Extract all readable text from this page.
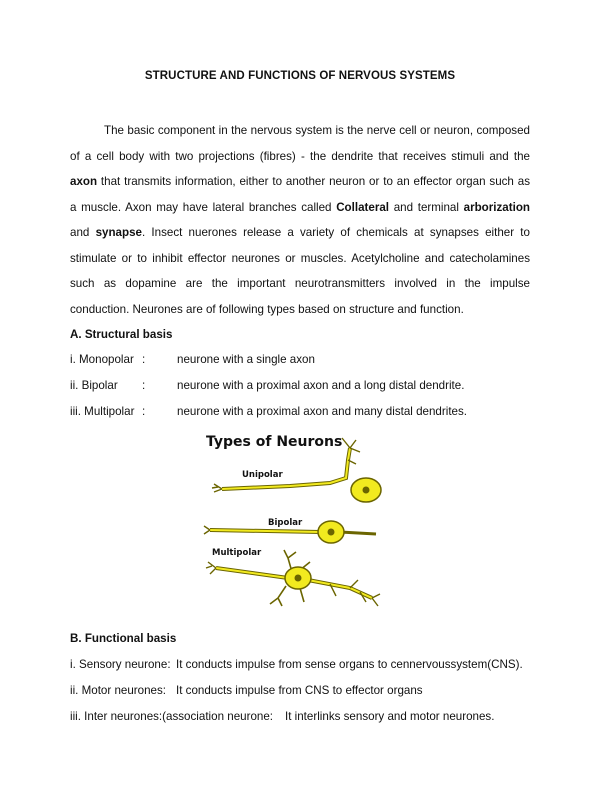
STRUCTURE AND FUNCTIONS OF NERVOUS SYSTEMS
The basic component in the nervous system is the nerve cell or neuron, composed of a cell body with two projections (fibres) - the dendrite that receives stimuli and the axon that transmits information, either to another neuron or to an effector organ such as a muscle. Axon may have lateral branches called Collateral and terminal arborization and synapse. Insect nuerones release a variety of chemicals at synapses either to stimulate or to inhibit effector neurones or muscles. Acetylcholine and catecholamines such as dopamine are the important neurotransmitters involved in the impulse conduction. Neurones are of following types based on structure and function.
A. Structural basis
i. Monopolar :	neurone with a single axon
ii. Bipolar :	neurone with a proximal axon and a long distal dendrite.
iii. Multipolar :	neurone with a proximal axon and many distal dendrites.
Types of Neurons
Unipolar
Bipolar
Multipolar
B. Functional basis
i. Sensory neurone: It conducts impulse from sense organs to cennervoussystem(CNS).
ii. Motor neurones: It conducts impulse from CNS to effector organs
iii. Inter neurones:(association neurone: It interlinks sensory and motor neurones.
